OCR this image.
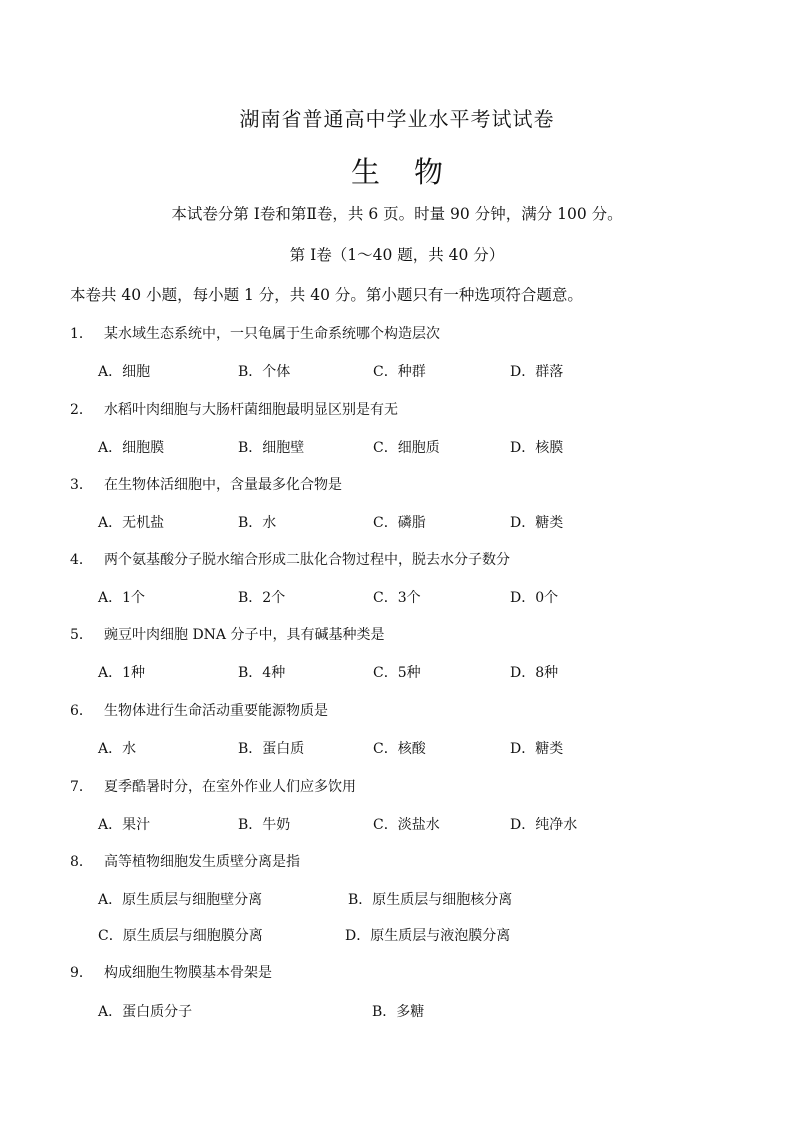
湖南省普通高中学业水平考试试卷
生物
本试卷分第 Ⅰ卷和第Ⅱ卷，共 6 页。时量 90 分钟，满分 100 分。
第 Ⅰ卷（1～40 题，共 40 分）
本卷共 40 小题，每小题 1 分，共 40 分。第小题只有一种选项符合题意。
1． 某水域生态系统中，一只龟属于生命系统哪个构造层次
A．细胞	B．个体	C．种群	D．群落
2． 水稻叶肉细胞与大肠杆菌细胞最明显区别是有无
A．细胞膜	B．细胞壁	C．细胞质	D．核膜
3． 在生物体活细胞中，含量最多化合物是
A．无机盐	B．水	C．磷脂	D．糖类
4． 两个氨基酸分子脱水缩合形成二肽化合物过程中，脱去水分子数分
A．1个	B．2个	C．3个	D．0个
5． 豌豆叶肉细胞 DNA 分子中，具有碱基种类是
A．1种	B．4种	C．5种	D．8种
6． 生物体进行生命活动重要能源物质是
A．水	B．蛋白质	C．核酸	D．糖类
7． 夏季酷暑时分，在室外作业人们应多饮用
A．果汁	B．牛奶	C．淡盐水	D．纯净水
8． 高等植物细胞发生质壁分离是指
A．原生质层与细胞壁分离	B．原生质层与细胞核分离
C．原生质层与细胞膜分离	D．原生质层与液泡膜分离
9． 构成细胞生物膜基本骨架是
A．蛋白质分子	B．多糖
